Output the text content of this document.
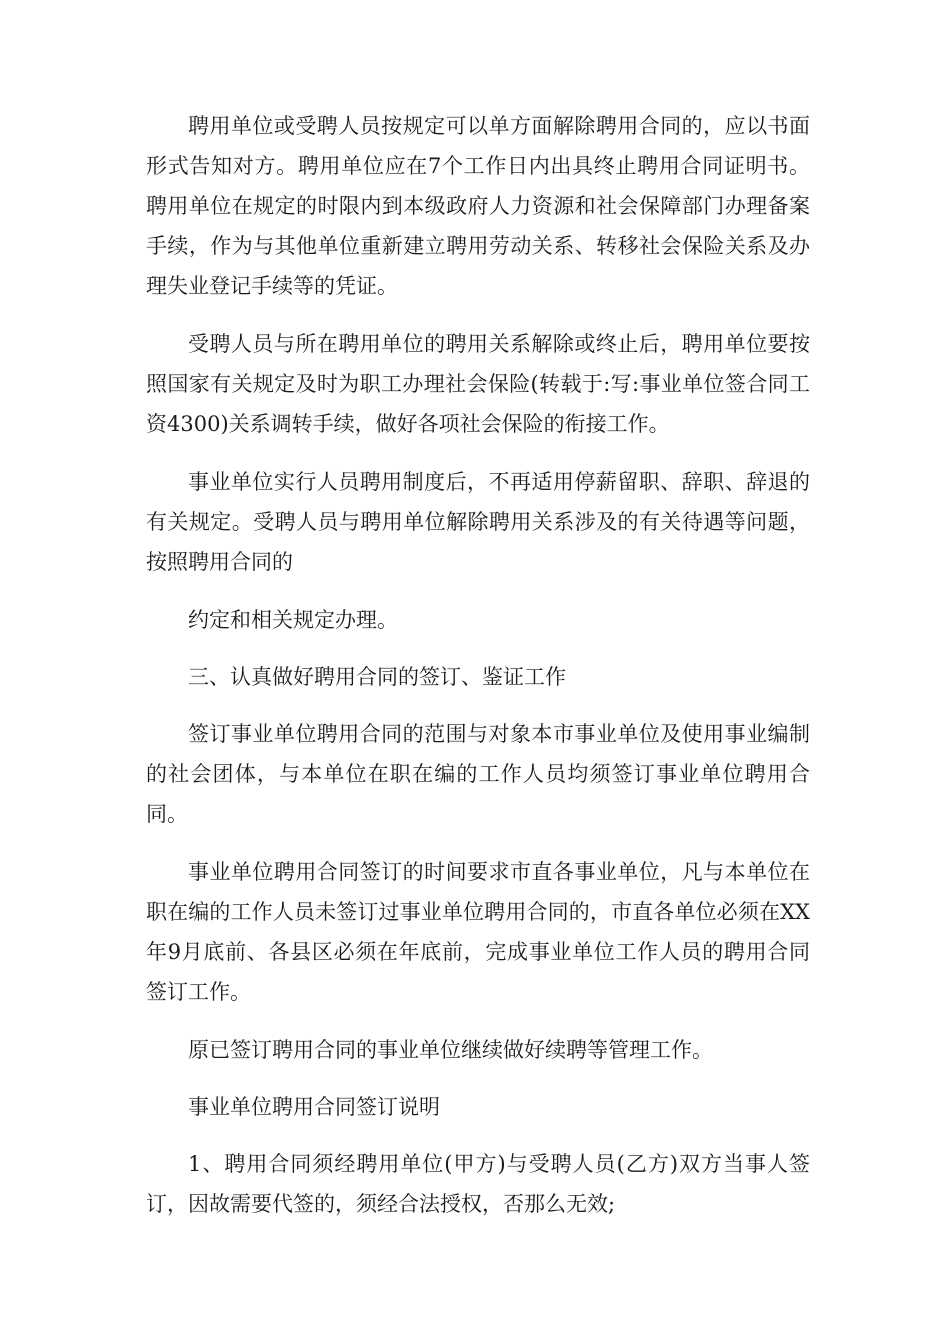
聘用单位或受聘人员按规定可以单方面解除聘用合同的，应以书面形式告知对方。聘用单位应在7个工作日内出具终止聘用合同证明书。聘用单位在规定的时限内到本级政府人力资源和社会保障部门办理备案手续，作为与其他单位重新建立聘用劳动关系、转移社会保险关系及办理失业登记手续等的凭证。

受聘人员与所在聘用单位的聘用关系解除或终止后，聘用单位要按照国家有关规定及时为职工办理社会保险(转载于:写:事业单位签合同工资4300)关系调转手续，做好各项社会保险的衔接工作。

事业单位实行人员聘用制度后，不再适用停薪留职、辞职、辞退的有关规定。受聘人员与聘用单位解除聘用关系涉及的有关待遇等问题，按照聘用合同的

约定和相关规定办理。

三、认真做好聘用合同的签订、鉴证工作

签订事业单位聘用合同的范围与对象本市事业单位及使用事业编制的社会团体，与本单位在职在编的工作人员均须签订事业单位聘用合同。

事业单位聘用合同签订的时间要求市直各事业单位，凡与本单位在职在编的工作人员未签订过事业单位聘用合同的，市直各单位必须在XX年9月底前、各县区必须在年底前，完成事业单位工作人员的聘用合同签订工作。

原已签订聘用合同的事业单位继续做好续聘等管理工作。

事业单位聘用合同签订说明

1、聘用合同须经聘用单位(甲方)与受聘人员(乙方)双方当事人签订，因故需要代签的，须经合法授权，否那么无效;
